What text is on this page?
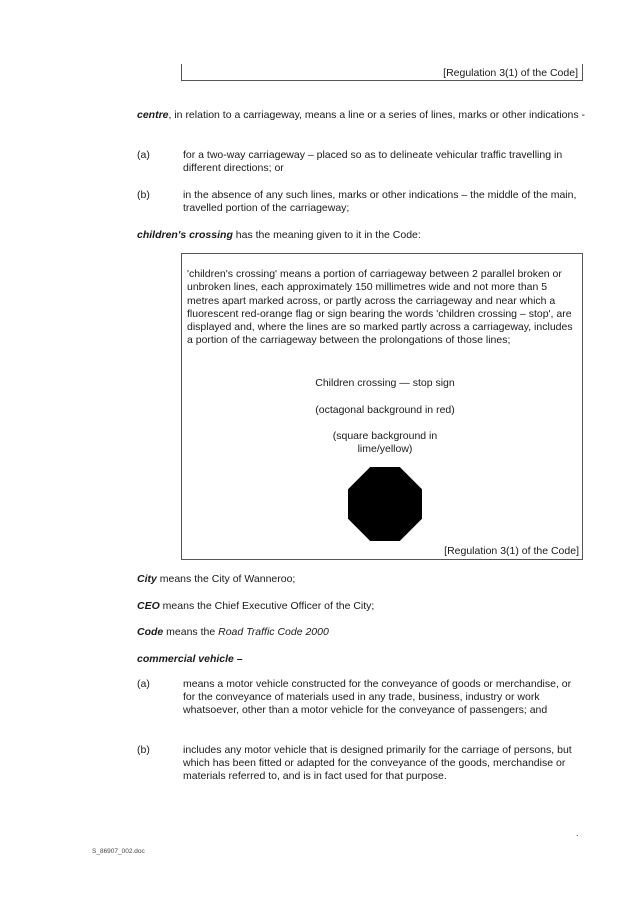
[Regulation 3(1) of the Code]
centre, in relation to a carriageway, means a line or a series of lines, marks or other indications -
(a)	for a two-way carriageway – placed so as to delineate vehicular traffic travelling in different directions; or
(b)	in the absence of any such lines, marks or other indications – the middle of the main, travelled portion of the carriageway;
children's crossing has the meaning given to it in the Code:
'children's crossing' means a portion of carriageway between 2 parallel broken or unbroken lines, each approximately 150 millimetres wide and not more than 5 metres apart marked across, or partly across the carriageway and near which a fluorescent red-orange flag or sign bearing the words 'children crossing – stop', are displayed and, where the lines are so marked partly across a carriageway, includes a portion of the carriageway between the prolongations of those lines;
Children crossing — stop sign
(octagonal background in red)
(square background in lime/yellow)
[Regulation 3(1) of the Code]
City means the City of Wanneroo;
CEO means the Chief Executive Officer of the City;
Code means the Road Traffic Code 2000
commercial vehicle –
(a)	means a motor vehicle constructed for the conveyance of goods or merchandise, or for the conveyance of materials used in any trade, business, industry or work whatsoever, other than a motor vehicle for the conveyance of passengers; and
(b)	includes any motor vehicle that is designed primarily for the carriage of persons, but which has been fitted or adapted for the conveyance of the goods, merchandise or materials referred to, and is in fact used for that purpose.
.
S_86907_002.doc
